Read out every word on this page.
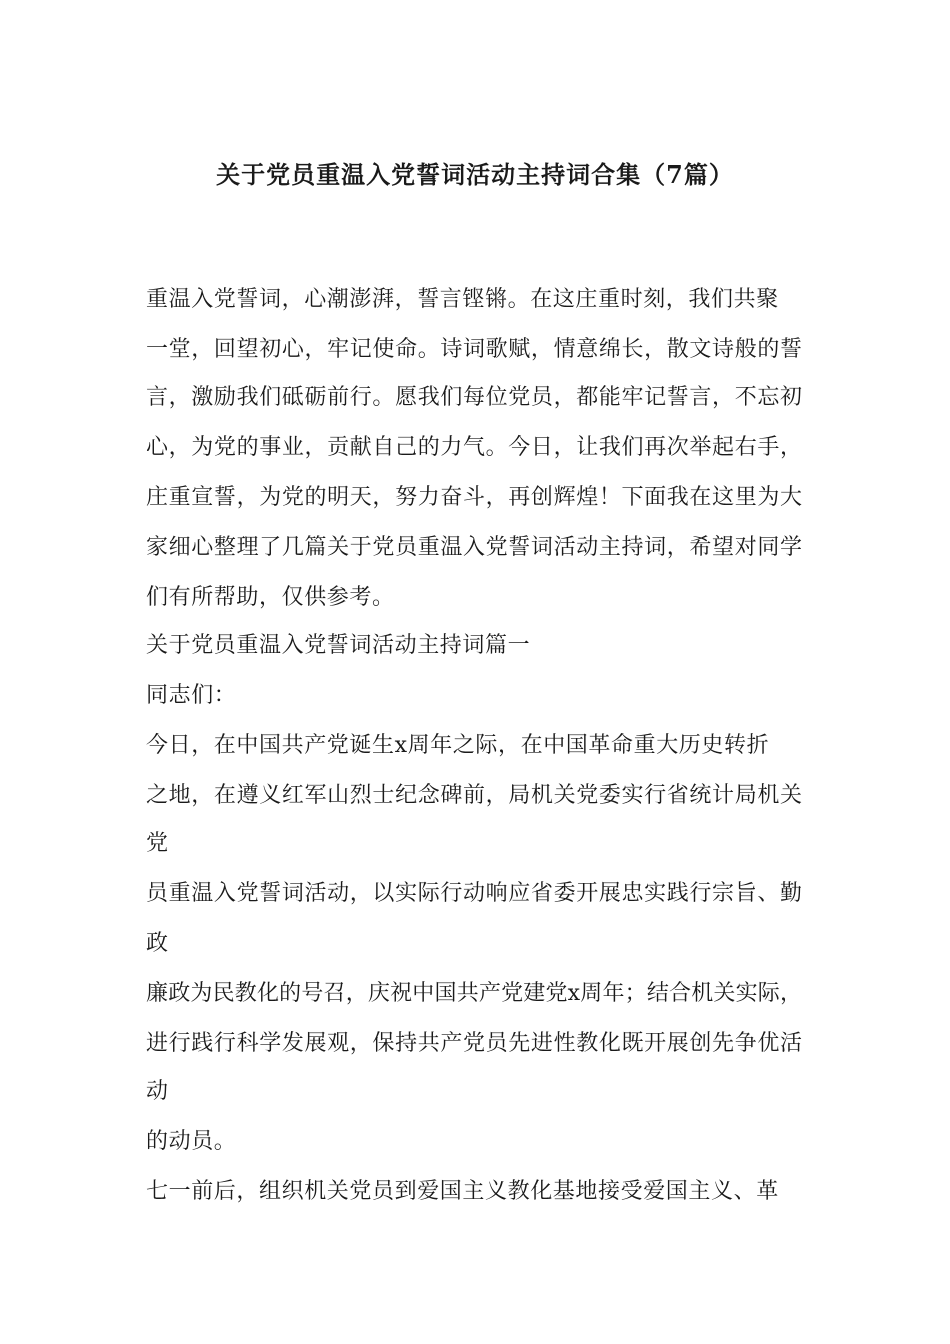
关于党员重温入党誓词活动主持词合集（7篇）
重温入党誓词，心潮澎湃，誓言铿锵。在这庄重时刻，我们共聚
一堂，回望初心，牢记使命。诗词歌赋，情意绵长，散文诗般的誓
言，激励我们砥砺前行。愿我们每位党员，都能牢记誓言，不忘初
心，为党的事业，贡献自己的力气。今日，让我们再次举起右手，
庄重宣誓，为党的明天，努力奋斗，再创辉煌！下面我在这里为大
家细心整理了几篇关于党员重温入党誓词活动主持词，希望对同学
们有所帮助，仅供参考。
关于党员重温入党誓词活动主持词篇一
同志们：
今日，在中国共产党诞生x周年之际，在中国革命重大历史转折
之地，在遵义红军山烈士纪念碑前，局机关党委实行省统计局机关
党
员重温入党誓词活动，以实际行动响应省委开展忠实践行宗旨、勤
政
廉政为民教化的号召，庆祝中国共产党建党x周年；结合机关实际，
进行践行科学发展观，保持共产党员先进性教化既开展创先争优活
动
的动员。
七一前后，组织机关党员到爱国主义教化基地接受爱国主义、革
